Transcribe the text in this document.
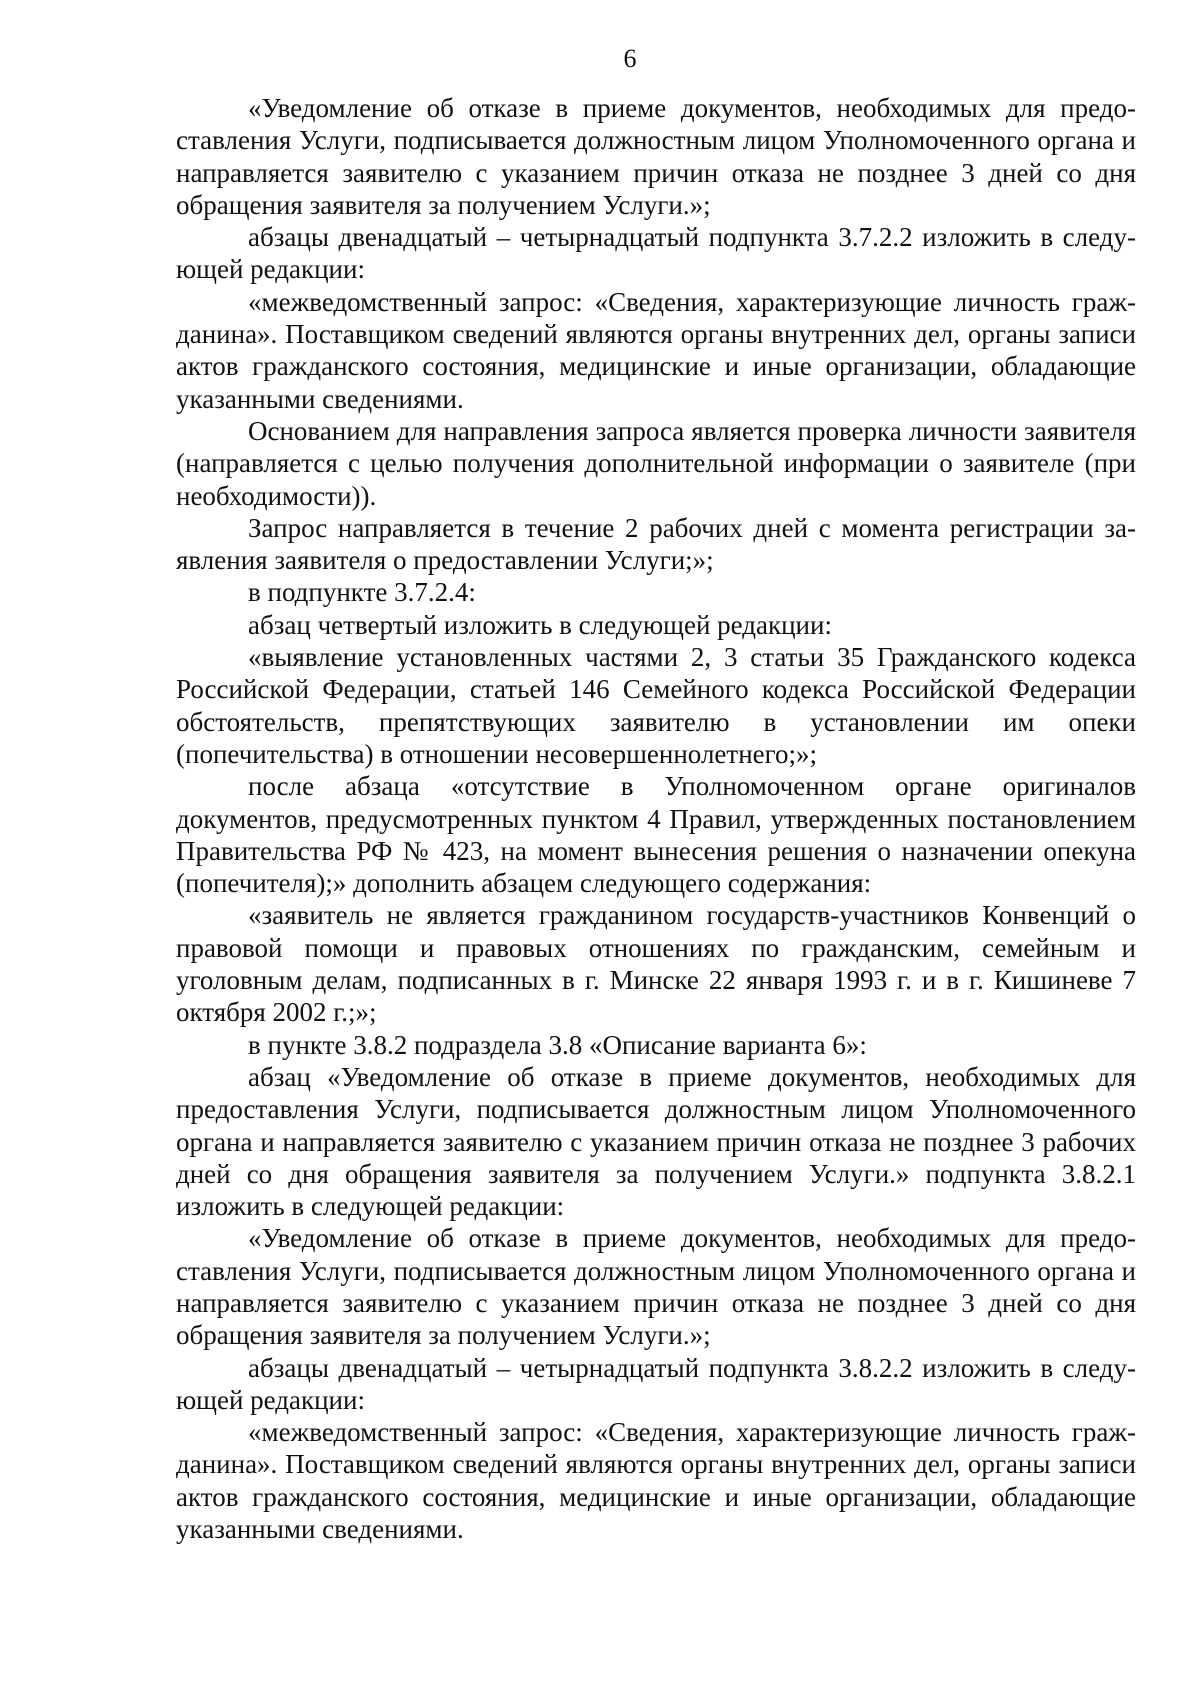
6

«Уведомление об отказе в приеме документов, необходимых для предоставления Услуги, подписывается должностным лицом Уполномоченного органа и направляется заявителю с указанием причин отказа не позднее 3 дней со дня обращения заявителя за получением Услуги.»;

абзацы двенадцатый – четырнадцатый подпункта 3.7.2.2 изложить в следующей редакции:

«межведомственный запрос: «Сведения, характеризующие личность гражданина». Поставщиком сведений являются органы внутренних дел, органы записи актов гражданского состояния, медицинские и иные организации, обладающие указанными сведениями.

Основанием для направления запроса является проверка личности заявителя (направляется с целью получения дополнительной информации о заявителе (при необходимости)).

Запрос направляется в течение 2 рабочих дней с момента регистрации заявления заявителя о предоставлении Услуги;»;

в подпункте 3.7.2.4:

абзац четвертый изложить в следующей редакции:

«выявление установленных частями 2, 3 статьи 35 Гражданского кодекса Российской Федерации, статьей 146 Семейного кодекса Российской Федерации обстоятельств, препятствующих заявителю в установлении им опеки (попечительства) в отношении несовершеннолетнего;»;

после абзаца «отсутствие в Уполномоченном органе оригиналов документов, предусмотренных пунктом 4 Правил, утвержденных постановлением Правительства РФ № 423, на момент вынесения решения о назначении опекуна (попечителя);» дополнить абзацем следующего содержания:

«заявитель не является гражданином государств-участников Конвенций о правовой помощи и правовых отношениях по гражданским, семейным и уголовным делам, подписанных в г. Минске 22 января 1993 г. и в г. Кишиневе 7 октября 2002 г.;»;

в пункте 3.8.2 подраздела 3.8 «Описание варианта 6»:

абзац «Уведомление об отказе в приеме документов, необходимых для предоставления Услуги, подписывается должностным лицом Уполномоченного органа и направляется заявителю с указанием причин отказа не позднее 3 рабочих дней со дня обращения заявителя за получением Услуги.» подпункта 3.8.2.1 изложить в следующей редакции:

«Уведомление об отказе в приеме документов, необходимых для предоставления Услуги, подписывается должностным лицом Уполномоченного органа и направляется заявителю с указанием причин отказа не позднее 3 дней со дня обращения заявителя за получением Услуги.»;

абзацы двенадцатый – четырнадцатый подпункта 3.8.2.2 изложить в следующей редакции:

«межведомственный запрос: «Сведения, характеризующие личность гражданина». Поставщиком сведений являются органы внутренних дел, органы записи актов гражданского состояния, медицинские и иные организации, обладающие указанными сведениями.
